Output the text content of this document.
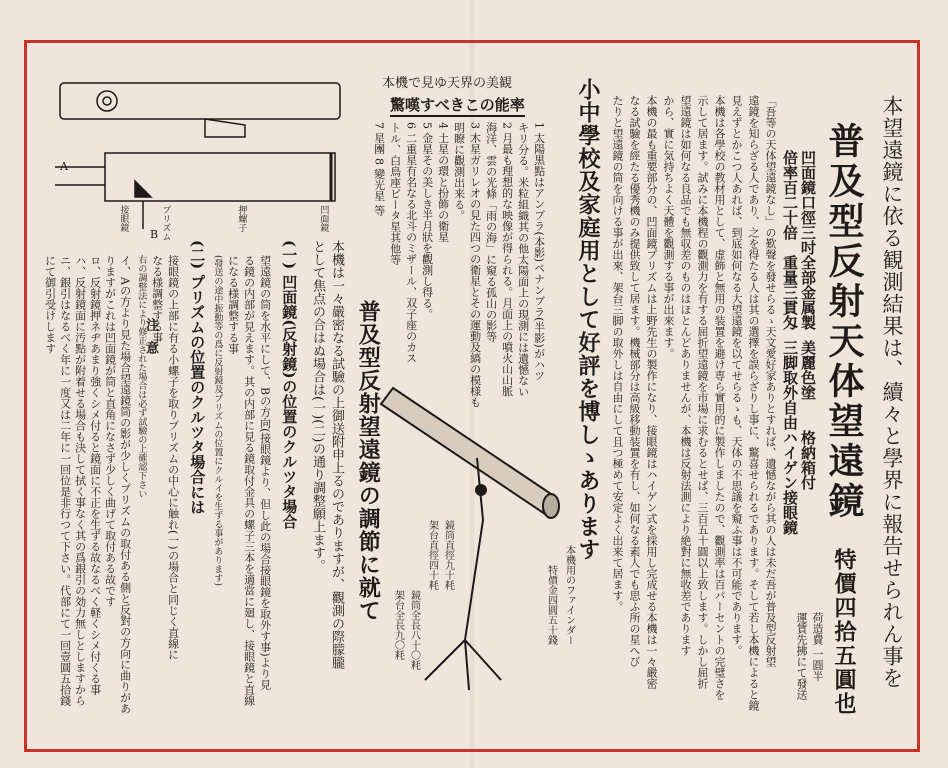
本望遠鏡に依る観測結果は、續々と學界に報告せられん事を
普及型反射天体望遠鏡
特價四拾五圓也
荷造費 一圓半
運賃先拂にて發送
凹面鏡口徑三吋
倍率百二十倍
全部金属製
重量三貫匁
美麗色塗
三脚取外自由
格納箱付
ハイゲン接眼鏡
「吾等の天体望遠鏡なし」の歎聲を發せらるゝ天文愛好家ありとすれば、遺憾ながら其の人は未だ吾が普及型反射望
遠鏡を知らざる人であり、之を得たる人は其の選擇を誤らざりし事に、驚喜せられるであります。そして若し本機によると鏡
見えずとかこつ人あれば、到底如何なる大望遠鏡を以てせらるゝも、天体の不思議を窺ふ事は不可能であります。
本機は各學校の教材用として、虚飾と無用の装置を避け専ら實用的に製作しましたので、觀測率は百パーセントの完璧さを
示して居ます。試みに本機程の觀測力を有する屈折望遠鏡を市場に求むるとせば、三百五十圓以上致します。しかし屈折
望遠鏡は如何なる良品でも無収差のものはほとんどありませんが、本機は反射法測により絶對に無收差であります
から、實に気持ちよく天體を觀測する事が出來ます。
本機の最も重要部分の、凹面鏡プリズムは上野先生の製作になり、接眼鏡はハイゲン式を採用し完成せる本機は一々嚴密
なる試驗を經たる優秀機のみ提供致して居ます。機械部分は高級移動装置を有し、如何なる素人でも思ふ所の星へび
たりと望遠鏡の筒を向ける事が出來、架台三脚の取外しは自由にして且つ極めて安定よく出来て居ます。
小中學校及家庭用として好評を博しゝあります
本機用のファインダー
特價金四圓五十錢
鏡筒直徑九十粍
架台直徑四十粍
鏡筒全長八十〇粍
架台全長九〇粍
本機で見ゆ天界の美観
驚嘆すべきこの能率
1 太陽黒點はアンブラ(本影)ペナンブラ(半影)がハツ
キリ分る。米粒組織其の他太陽面上の現測には遺憾ない
2 月最も理想的な映像が得られる。月面上の噴火山山脈
海洋、雲の光條「雨の海」に窺る孤山の影等
3 木星ガリレオの見た四つの衛星とその運動及縞の模様も
明瞭に觀測出来る。
4 土星の環と扮飾の衛星
5 金星その美しき半月狀を觀測し得る。
6 二重星有名なる北斗のミザール、双子座のカス
トル、白鳥座ビータ星其他等
7 星團 8 變光星 等
A
B
接眼鏡	プリズム	押螺子	凹面鏡
普及型反射望遠鏡の調節に就て
本機は一々嚴密なる試驗の上御送附申上るのでありますが、觀測の際朦朧
として焦点の合はぬ場合は(一)(二)の通り調整願上ます。
(一) 凹面鏡(反射鏡)の位置のクルツタ場合
望遠鏡の筒を水平にして、Bの方向(接眼鏡より、但し此の場合接眼鏡を取外す事)より見
る鏡の内部が見えます。其の内部に見る鏡取付金具の螺子三本を適當に廻し、接眼鏡と直線
になる様調整する事
(發送の途中振動等の爲に反射鏡及プリズムの位置にクルイを生ずる事があります)
(二) プリズムの位置のクルツタ場合には
接眼鏡の上部に有る小螺子を取りプリズムの中心に触れ(一)の場合と同じく直線に
なる様調整する事
右の調整法により修正された場合は必ず試驗の上確認下さい
注意
イ、Aの方より見た場合望遠鏡筒の影が少しくプリズムの取付ある側と反對の方向に曲りがあ
りますがこれは凹面鏡が筒と直角になさず少しく曲げて取付ある故です
ロ、反射鏡押ネヂあまり強くシメ付ると鏡面に不正を生ずる故なるべく軽くシメ付くる事
ハ、反射鏡面に汚點が附着せる場合も決して拭く事なく其の爲銀引の効力無しとしますから
ニ、銀引はなるべく年に一度又は二年に一回位是非行つて下さい。代部にて一回壹圓五拾錢
にて御引受けします
